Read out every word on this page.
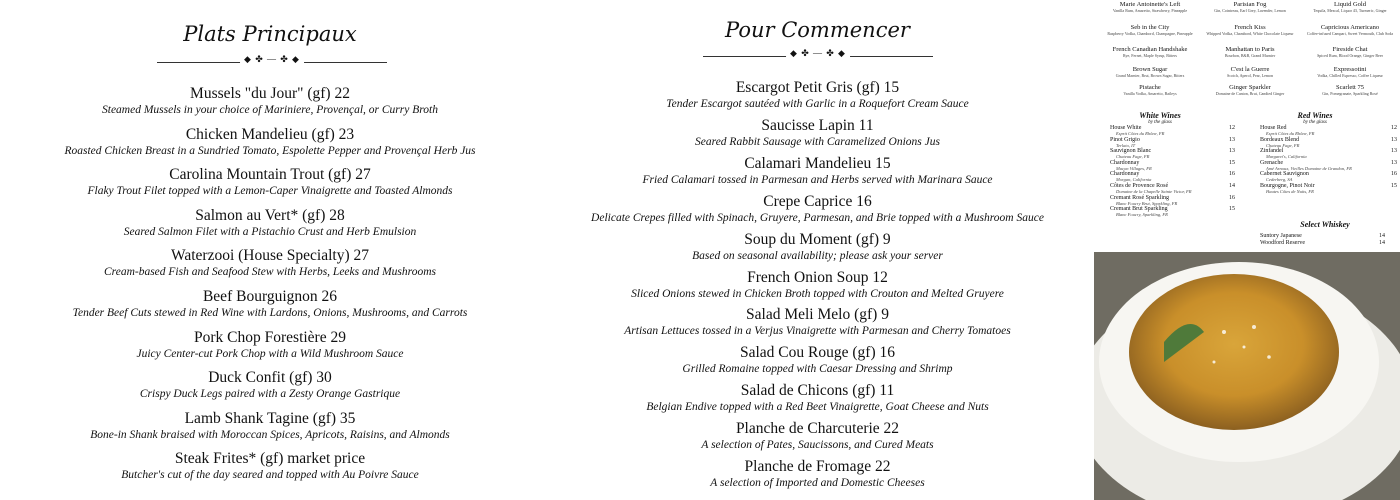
Plats Principaux
◆ ✤ — ✤ ◆
Mussels "du Jour" (gf) 22
Steamed Mussels in your choice of Mariniere, Provençal, or Curry Broth
Chicken Mandelieu (gf) 23
Roasted Chicken Breast in a Sundried Tomato, Espolette Pepper and Provençal Herb Jus
Carolina Mountain Trout (gf) 27
Flaky Trout Filet topped with a Lemon-Caper Vinaigrette and Toasted Almonds
Salmon au Vert* (gf) 28
Seared Salmon Filet with a Pistachio Crust and Herb Emulsion
Waterzooi (House Specialty) 27
Cream-based Fish and Seafood Stew with Herbs, Leeks and Mushrooms
Beef Bourguignon 26
Tender Beef Cuts stewed in Red Wine with Lardons, Onions, Mushrooms, and Carrots
Pork Chop Forestière 29
Juicy Center-cut Pork Chop with a Wild Mushroom Sauce
Duck Confit (gf) 30
Crispy Duck Legs paired with a Zesty Orange Gastrique
Lamb Shank Tagine (gf) 35
Bone-in Shank braised with Moroccan Spices, Apricots, Raisins, and Almonds
Steak Frites* (gf) market price
Butcher's cut of the day seared and topped with Au Poivre Sauce
Pour Commencer
◆ ✤ — ✤ ◆
Escargot Petit Gris (gf) 15
Tender Escargot sautéed with Garlic in a Roquefort Cream Sauce
Saucisse Lapin 11
Seared Rabbit Sausage with Caramelized Onions Jus
Calamari Mandelieu 15
Fried Calamari tossed in Parmesan and Herbs served with Marinara Sauce
Crepe Caprice 16
Delicate Crepes filled with Spinach, Gruyere, Parmesan, and Brie topped with a Mushroom Sauce
Soup du Moment (gf) 9
Based on seasonal availability; please ask your server
French Onion Soup 12
Sliced Onions stewed in Chicken Broth topped with Crouton and Melted Gruyere
Salad Meli Melo (gf) 9
Artisan Lettuces tossed in a Verjus Vinaigrette with Parmesan and Cherry Tomatoes
Salad Cou Rouge (gf) 16
Grilled Romaine topped with Caesar Dressing and Shrimp
Salad de Chicons (gf) 11
Belgian Endive topped with a Red Beet Vinaigrette, Goat Cheese and Nuts
Planche de Charcuterie 22
A selection of Pates, Saucissons, and Cured Meats
Planche de Fromage 22
A selection of Imported and Domestic Cheeses
Marie Antoinette's Left
Vanilla Rum, Amaretto, Strawberry, Pineapple
Parisian Fog
Gin, Cointreau, Earl Grey, Lavender, Lemon
Liquid Gold
Tequila, Mezcal, Liquor 43, Turmeric, Ginger
Seb in the City
Raspberry Vodka, Chambord, Champagne, Pineapple
French Kiss
Whipped Vodka, Chambord, White Chocolate Liqueur
Capricious Americano
Coffee-infused Campari, Sweet Vermouth, Club Soda
French Canadian Handshake
Rye, Fernet, Maple Syrup, Bitters
Manhattan to Paris
Bourbon, B&B, Grand Marnier
Fireside Chat
Spiced Rum, Blood Orange, Ginger Beer
Brown Sugar
Grand Marnier, Brut, Brown Sugar, Bitters
C'est la Guerre
Scotch, Aperol, Pear, Lemon
Expressotini
Vodka, Chilled Espresso, Coffee Liqueur
Pistache
Vanilla Vodka, Amaretto, Baileys
Ginger Sparkler
Domaine de Canton, Brut, Candied Ginger
Scarlett 75
Gin, Pomegranate, Sparkling Rosé
White Wines
by the glass
Red Wines
by the glass
Select Whiskey
House White
Esprit Côtes du Rhône, FR
12
Pinot Grigio
Terlato, IT
13
Sauvignon Blanc
Chateau Fage, FR
13
Chardonnay
Macon Villages, FR
15
Chardonnay
Morgan, California
16
Côtes de Provence Rosé
Domaine de la Chapelle Sainte Victor, FR
14
Cremant Rosé Sparkling
Blanc Foucry Brut, Sparkling, FR
16
Cremant Brut Sparkling
Blanc Foucry, Sparkling, FR
15
House Red
Esprit Côtes du Rhône, FR
12
Bordeaux Blend
Chateau Fage, FR
13
Zinfandel
Margaret's, California
13
Grenache
Amé Arnoux, Vieilles Domaine de Grandon, FR
13
Cabernet Sauvignon
Cederberg, SA
16
Bourgogne, Pinot Noir
Hautes Côtes de Nuits, FR
15
Suntory Japanese	14
Woodford Reserve	14
